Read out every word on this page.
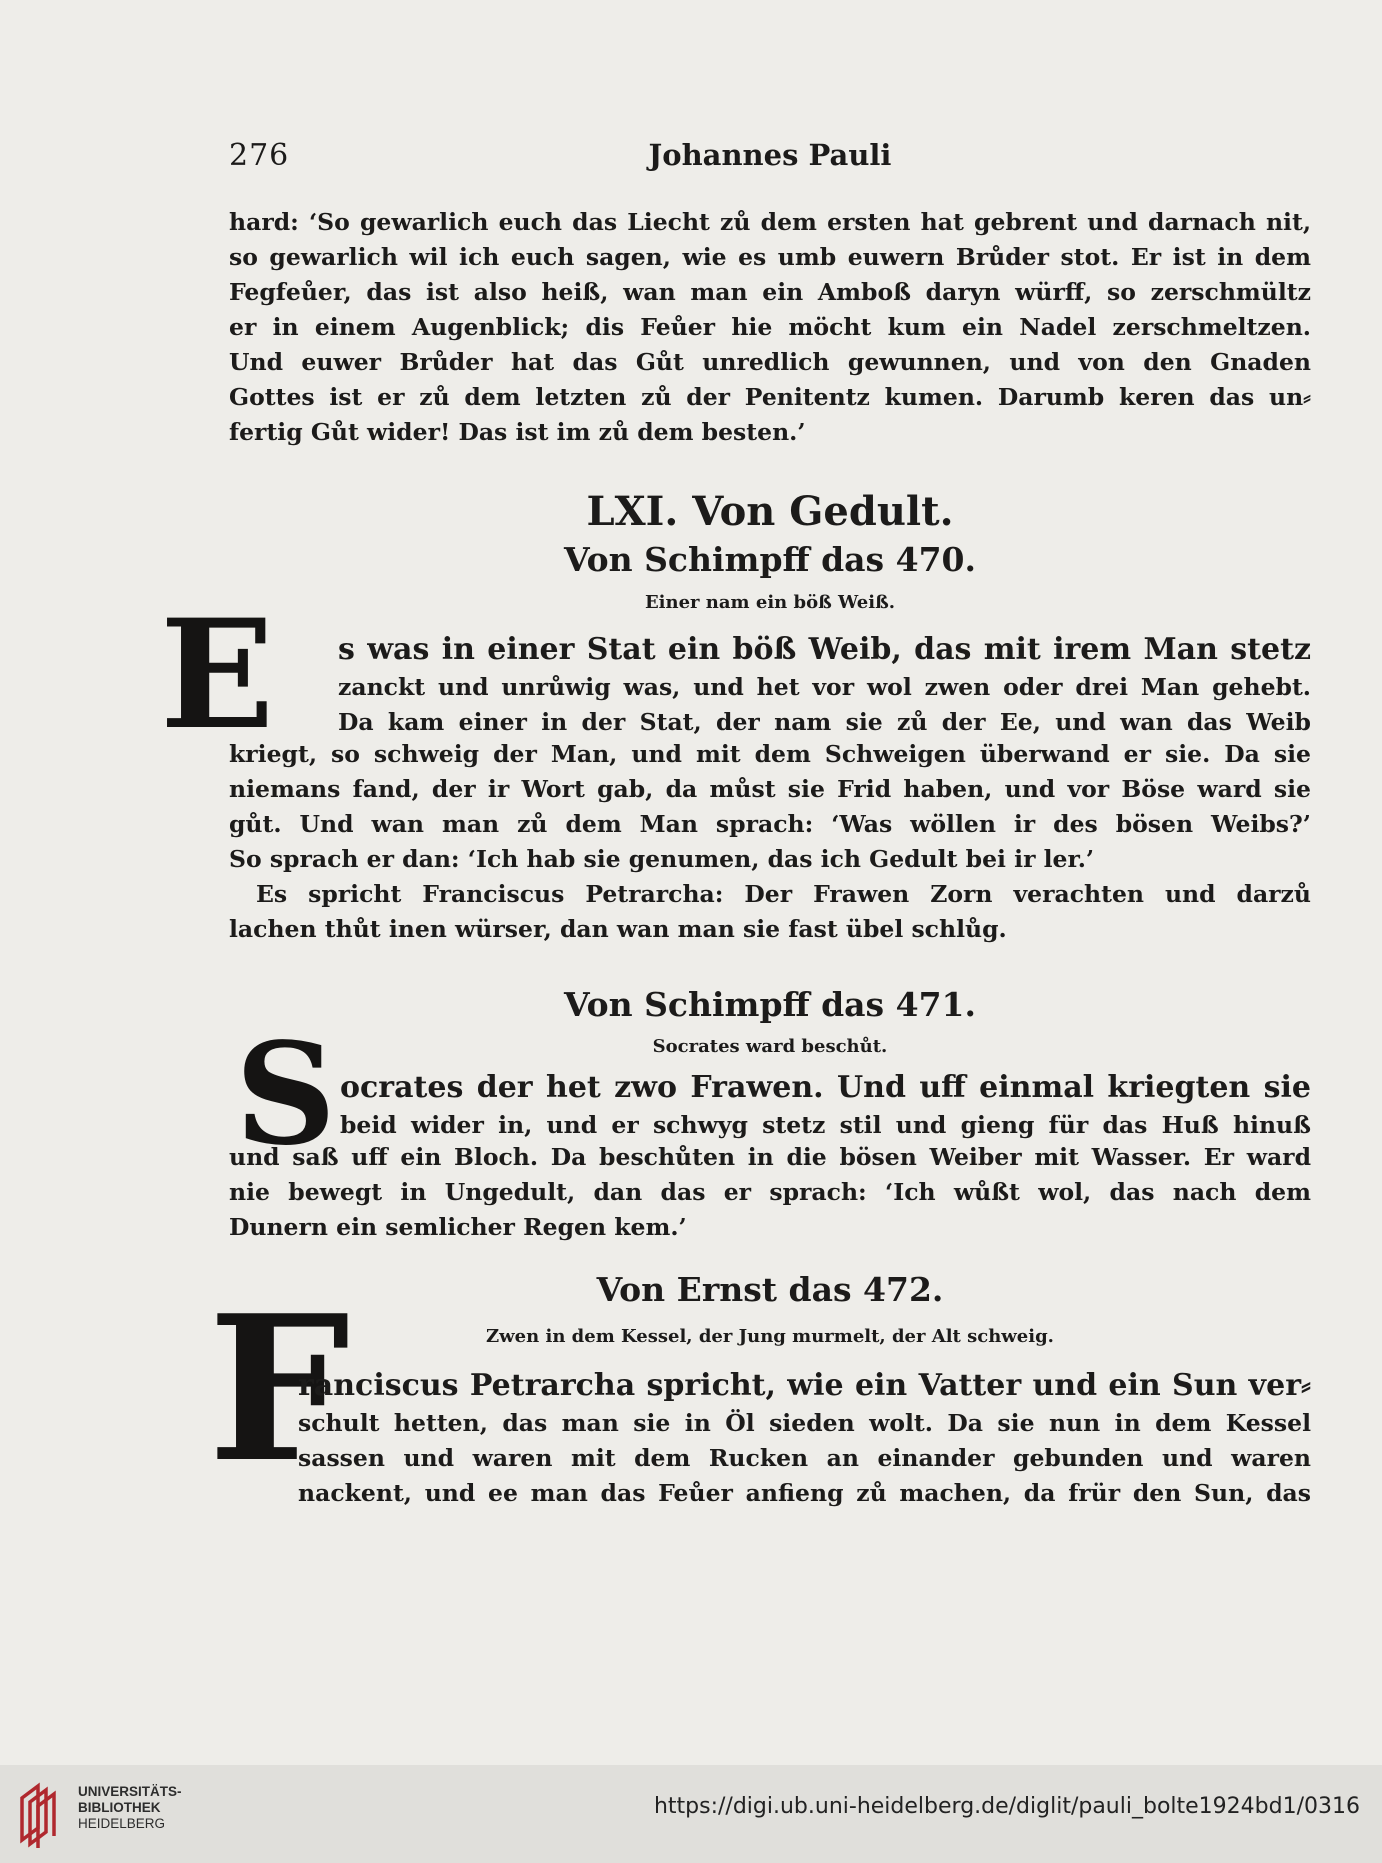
276	Johannes Pauli
hard: ‘So gewarlich euch das Liecht zů dem ersten hat gebrent und darnach nit,
so gewarlich wil ich euch sagen, wie es umb euwern Brůder stot. Er ist in dem
Fegfeůer, das ist also heiß, wan man ein Amboß daryn würff, so zerschmültz
er in einem Augenblick; dis Feůer hie möcht kum ein Nadel zerschmeltzen.
Und euwer Brůder hat das Gůt unredlich gewunnen, und von den Gnaden
Gottes ist er zů dem letzten zů der Penitentz kumen. Darumb keren das un⸗
fertig Gůt wider! Das ist im zů dem besten.’
LXI. Von Gedult.
Von Schimpff das 470.
Einer nam ein böß Weiß.
E s was in einer Stat ein böß Weib, das mit irem Man stetz
zanckt und unrůwig was, und het vor wol zwen oder drei Man gehebt.
Da kam einer in der Stat, der nam sie zů der Ee, und wan das Weib
kriegt, so schweig der Man, und mit dem Schweigen überwand er sie. Da sie
niemans fand, der ir Wort gab, da můst sie Frid haben, und vor Böse ward sie
gůt. Und wan man zů dem Man sprach: ‘Was wöllen ir des bösen Weibs?’
So sprach er dan: ‘Ich hab sie genumen, das ich Gedult bei ir ler.’
Es spricht Franciscus Petrarcha: Der Frawen Zorn verachten und darzů
lachen thůt inen würser, dan wan man sie fast übel schlůg.
Von Schimpff das 471.
Socrates ward beschůt.
S ocrates der het zwo Frawen. Und uff einmal kriegten sie
beid wider in, und er schwyg stetz stil und gieng für das Huß hinuß
und saß uff ein Bloch. Da beschůten in die bösen Weiber mit Wasser. Er ward
nie bewegt in Ungedult, dan das er sprach: ‘Ich wůßt wol, das nach dem
Dunern ein semlicher Regen kem.’
Von Ernst das 472.
Zwen in dem Kessel, der Jung murmelt, der Alt schweig.
F
ranciscus Petrarcha spricht, wie ein Vatter und ein Sun ver⸗
schult hetten, das man sie in Öl sieden wolt. Da sie nun in dem Kessel
sassen und waren mit dem Rucken an einander gebunden und waren
nackent, und ee man das Feůer anfieng zů machen, da frür den Sun, das
UNIVERSITÄTS-
BIBLIOTHEK
HEIDELBERG
https://digi.ub.uni-heidelberg.de/diglit/pauli_bolte1924bd1/0316
